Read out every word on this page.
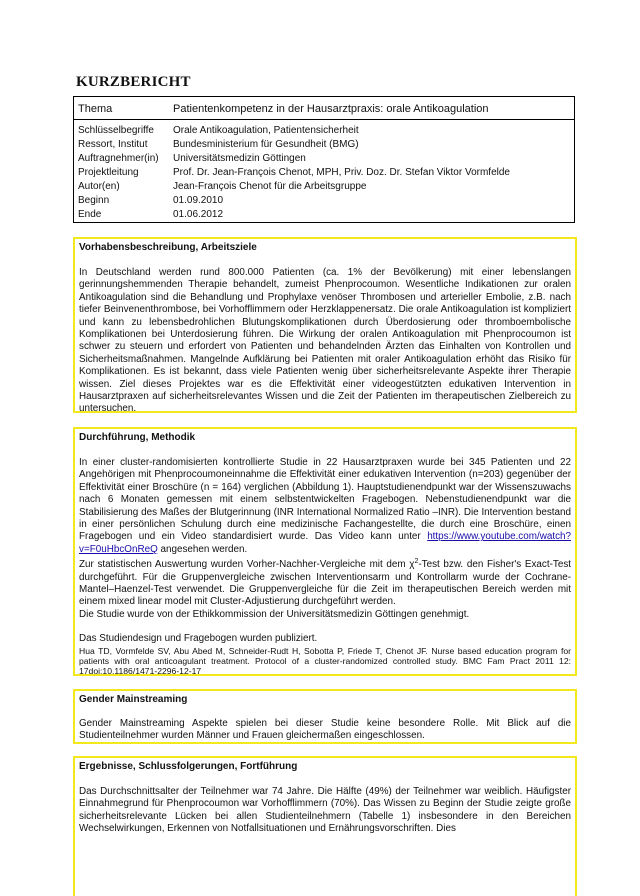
KURZBERICHT
Thema	Patientenkompetenz in der Hausarztpraxis: orale Antikoagulation
Schlüsselbegriffe	Orale Antikoagulation, Patientensicherheit
Ressort, Institut	Bundesministerium für Gesundheit (BMG)
Auftragnehmer(in)	Universitätsmedizin Göttingen
Projektleitung	Prof. Dr. Jean-François Chenot, MPH, Priv. Doz. Dr. Stefan Viktor Vormfelde
Autor(en)	Jean-François Chenot für die Arbeitsgruppe
Beginn	01.09.2010
Ende	01.06.2012
Vorhabensbeschreibung, Arbeitsziele

In Deutschland werden rund 800.000 Patienten (ca. 1% der Bevölkerung) mit einer lebenslangen gerinnungshemmenden Therapie behandelt, zumeist Phenprocoumon. Wesentliche Indikationen zur oralen Antikoagulation sind die Behandlung und Prophylaxe venöser Thrombosen und arterieller Embolie, z.B. nach tiefer Beinvenenthrombose, bei Vorhofflimmern oder Herzklappenersatz. Die orale Antikoagulation ist kompliziert und kann zu lebensbedrohlichen Blutungskomplikationen durch Überdosierung oder thromboembolische Komplikationen bei Unterdosierung führen. Die Wirkung der oralen Antikoagulation mit Phenprocoumon ist schwer zu steuern und erfordert von Patienten und behandelnden Ärzten das Einhalten von Kontrollen und Sicherheitsmaßnahmen. Mangelnde Aufklärung bei Patienten mit oraler Antikoagulation erhöht das Risiko für Komplikationen. Es ist bekannt, dass viele Patienten wenig über sicherheitsrelevante Aspekte ihrer Therapie wissen. Ziel dieses Projektes war es die Effektivität einer videogestützten edukativen Intervention in Hausarztpraxen auf sicherheitsrelevantes Wissen und die Zeit der Patienten im therapeutischen Zielbereich zu untersuchen.

Durchführung, Methodik

In einer cluster-randomisierten kontrollierte Studie in 22 Hausarztpraxen wurde bei 345 Patienten und 22 Angehörigen mit Phenprocoumoneinnahme die Effektivität einer edukativen Intervention (n=203) gegenüber der Effektivität einer Broschüre (n = 164) verglichen (Abbildung 1). Hauptstudienendpunkt war der Wissenszuwachs nach 6 Monaten gemessen mit einem selbstentwickelten Fragebogen. Nebenstudienendpunkt war die Stabilisierung des Maßes der Blutgerinnung (INR International Normalized Ratio –INR). Die Intervention bestand in einer persönlichen Schulung durch eine medizinische Fachangestellte, die durch eine Broschüre, einen Fragebogen und ein Video standardisiert wurde. Das Video kann unter https://www.youtube.com/watch?v=F0uHbcOnReQ angesehen werden.

Zur statistischen Auswertung wurden Vorher-Nachher-Vergleiche mit dem $\chi^2$-Test bzw. den Fisher's Exact-Test durchgeführt. Für die Gruppenvergleiche zwischen Interventionsarm und Kontrollarm wurde der Cochrane-Mantel–Haenzel-Test verwendet. Die Gruppenvergleiche für die Zeit im therapeutischen Bereich werden mit einem mixed linear model mit Cluster-Adjustierung durchgeführt werden.

Die Studie wurde von der Ethikkommission der Universitätsmedizin Göttingen genehmigt.

Das Studiendesign und Fragebogen wurden publiziert.

Hua TD, Vormfelde SV, Abu Abed M, Schneider-Rudt H, Sobotta P, Friede T, Chenot JF. Nurse based education program for patients with oral anticoagulant treatment. Protocol of a cluster-randomized controlled study. BMC Fam Pract 2011 12: 17doi:10.1186/1471-2296-12-17

Gender Mainstreaming

Gender Mainstreaming Aspekte spielen bei dieser Studie keine besondere Rolle. Mit Blick auf die Studienteilnehmer wurden Männer und Frauen gleichermaßen eingeschlossen.

Ergebnisse, Schlussfolgerungen, Fortführung

Das Durchschnittsalter der Teilnehmer war 74 Jahre. Die Hälfte (49%) der Teilnehmer war weiblich. Häufigster Einnahmegrund für Phenprocoumon war Vorhofflimmern (70%). Das Wissen zu Beginn der Studie zeigte große sicherheitsrelevante Lücken bei allen Studienteilnehmern (Tabelle 1) insbesondere in den Bereichen Wechselwirkungen, Erkennen von Notfallsituationen und Ernährungsvorschriften. Dies
